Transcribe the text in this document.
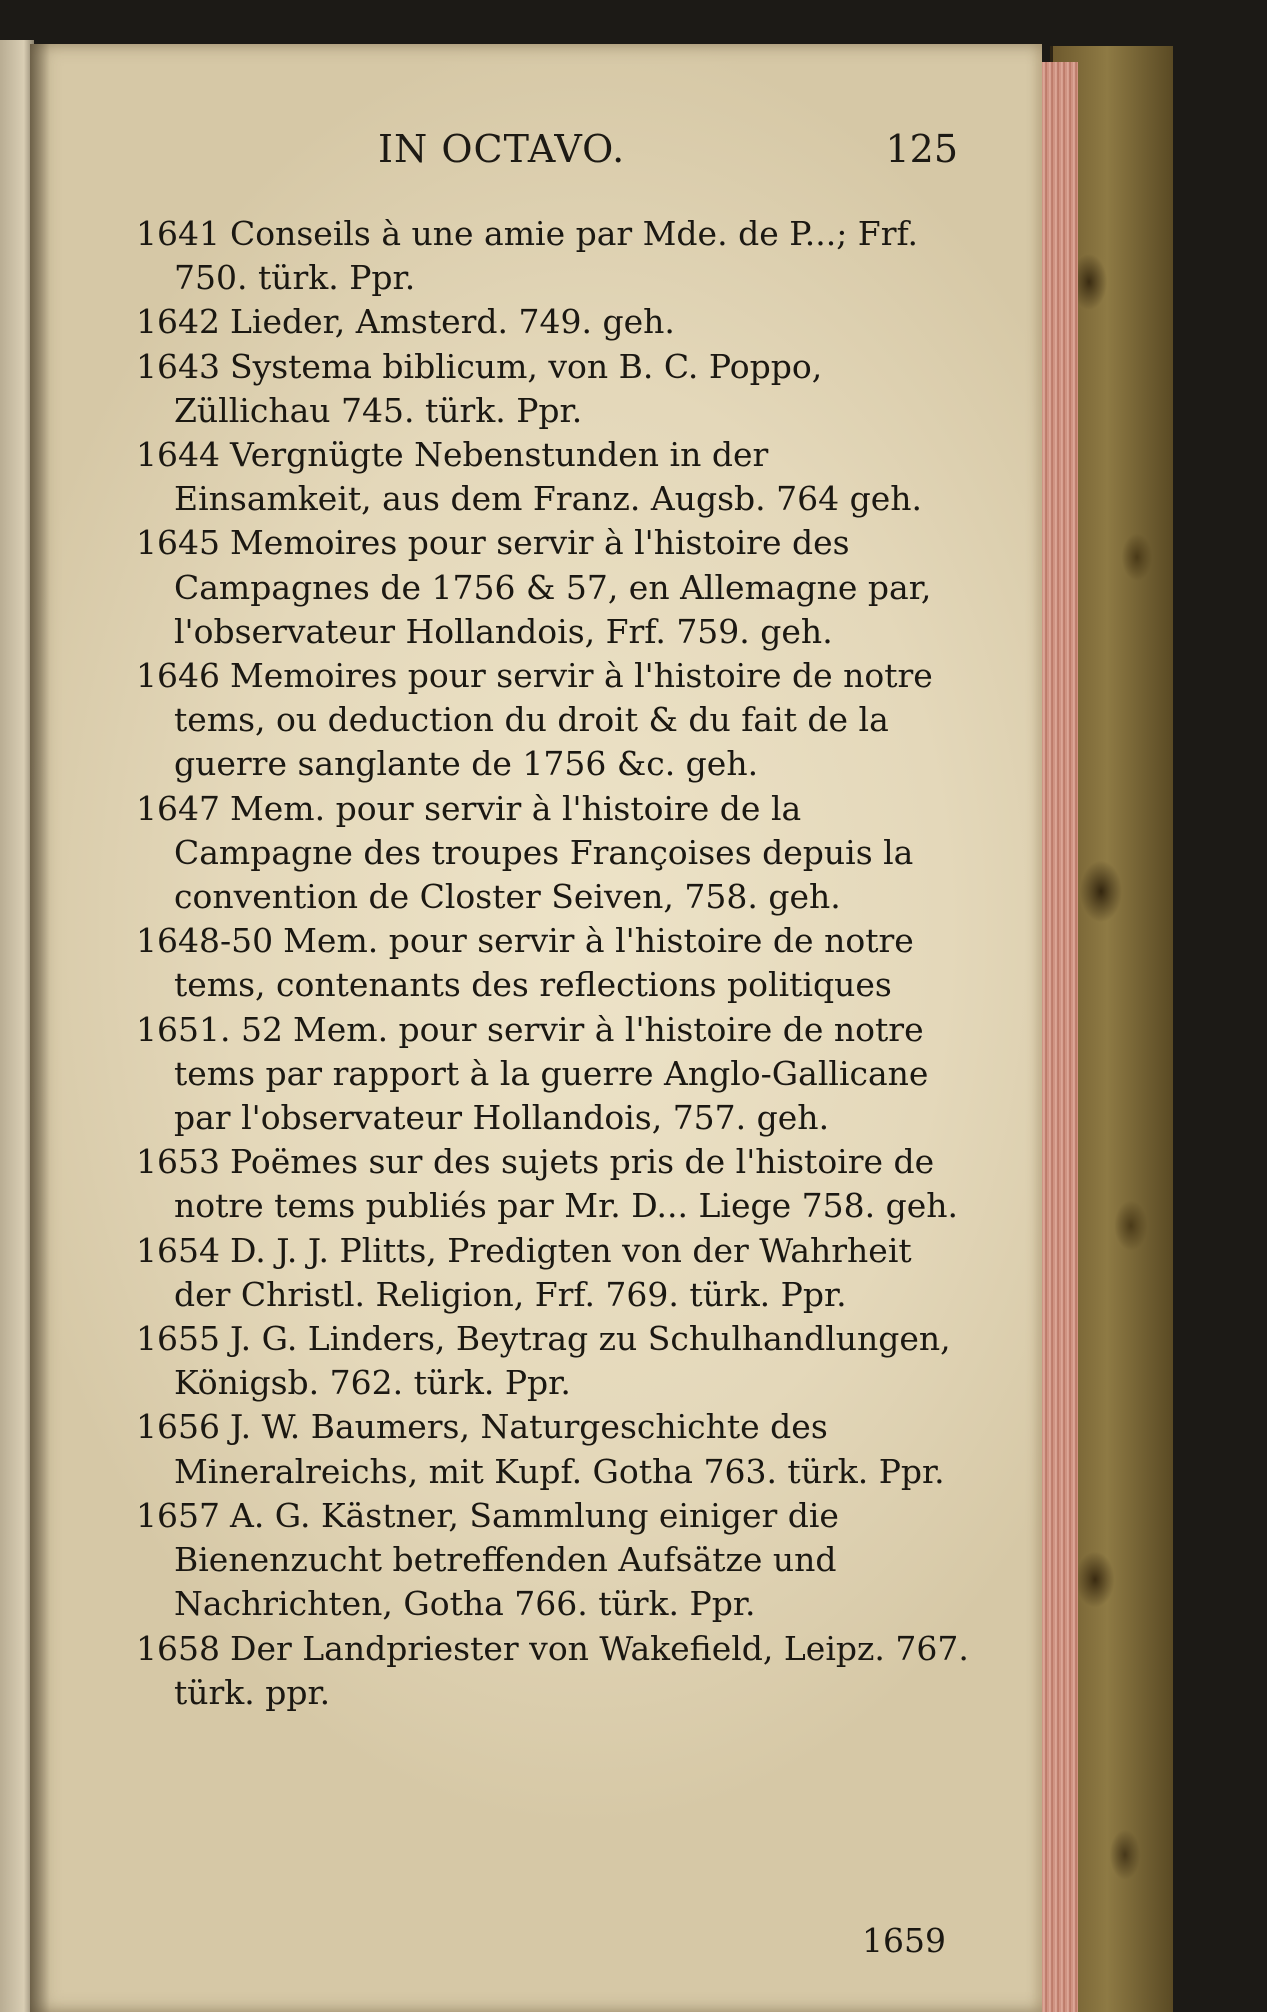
IN OCTAVO.	125

1641 Conseils à une amie par Mde. de P...; Frf. 750. türk. Ppr.

1642 Lieder, Amsterd. 749. geh.

1643 Systema biblicum, von B. C. Poppo, Züllichau 745. türk. Ppr.

1644 Vergnügte Nebenstunden in der Einsamkeit, aus dem Franz. Augsb. 764 geh.

1645 Memoires pour servir à l'histoire des Campagnes de 1756 & 57, en Allemagne par, l'observateur Hollandois, Frf. 759. geh.

1646 Memoires pour servir à l'histoire de notre tems, ou deduction du droit & du fait de la guerre sanglante de 1756 &c. geh.

1647 Mem. pour servir à l'histoire de la Campagne des troupes Françoises depuis la convention de Closter Seiven, 758. geh.

1648-50 Mem. pour servir à l'histoire de notre tems, contenants des reflections politiques

1651. 52 Mem. pour servir à l'histoire de notre tems par rapport à la guerre Anglo-Gallicane par l'observateur Hollandois, 757. geh.

1653 Poëmes sur des sujets pris de l'histoire de notre tems publiés par Mr. D... Liege 758. geh.

1654 D. J. J. Plitts, Predigten von der Wahrheit der Christl. Religion, Frf. 769. türk. Ppr.

1655 J. G. Linders, Beytrag zu Schulhandlungen, Königsb. 762. türk. Ppr.

1656 J. W. Baumers, Naturgeschichte des Mineralreichs, mit Kupf. Gotha 763. türk. Ppr.

1657 A. G. Kästner, Sammlung einiger die Bienenzucht betreffenden Aufsätze und Nachrichten, Gotha 766. türk. Ppr.

1658 Der Landpriester von Wakefield, Leipz. 767. türk. ppr.

1659
